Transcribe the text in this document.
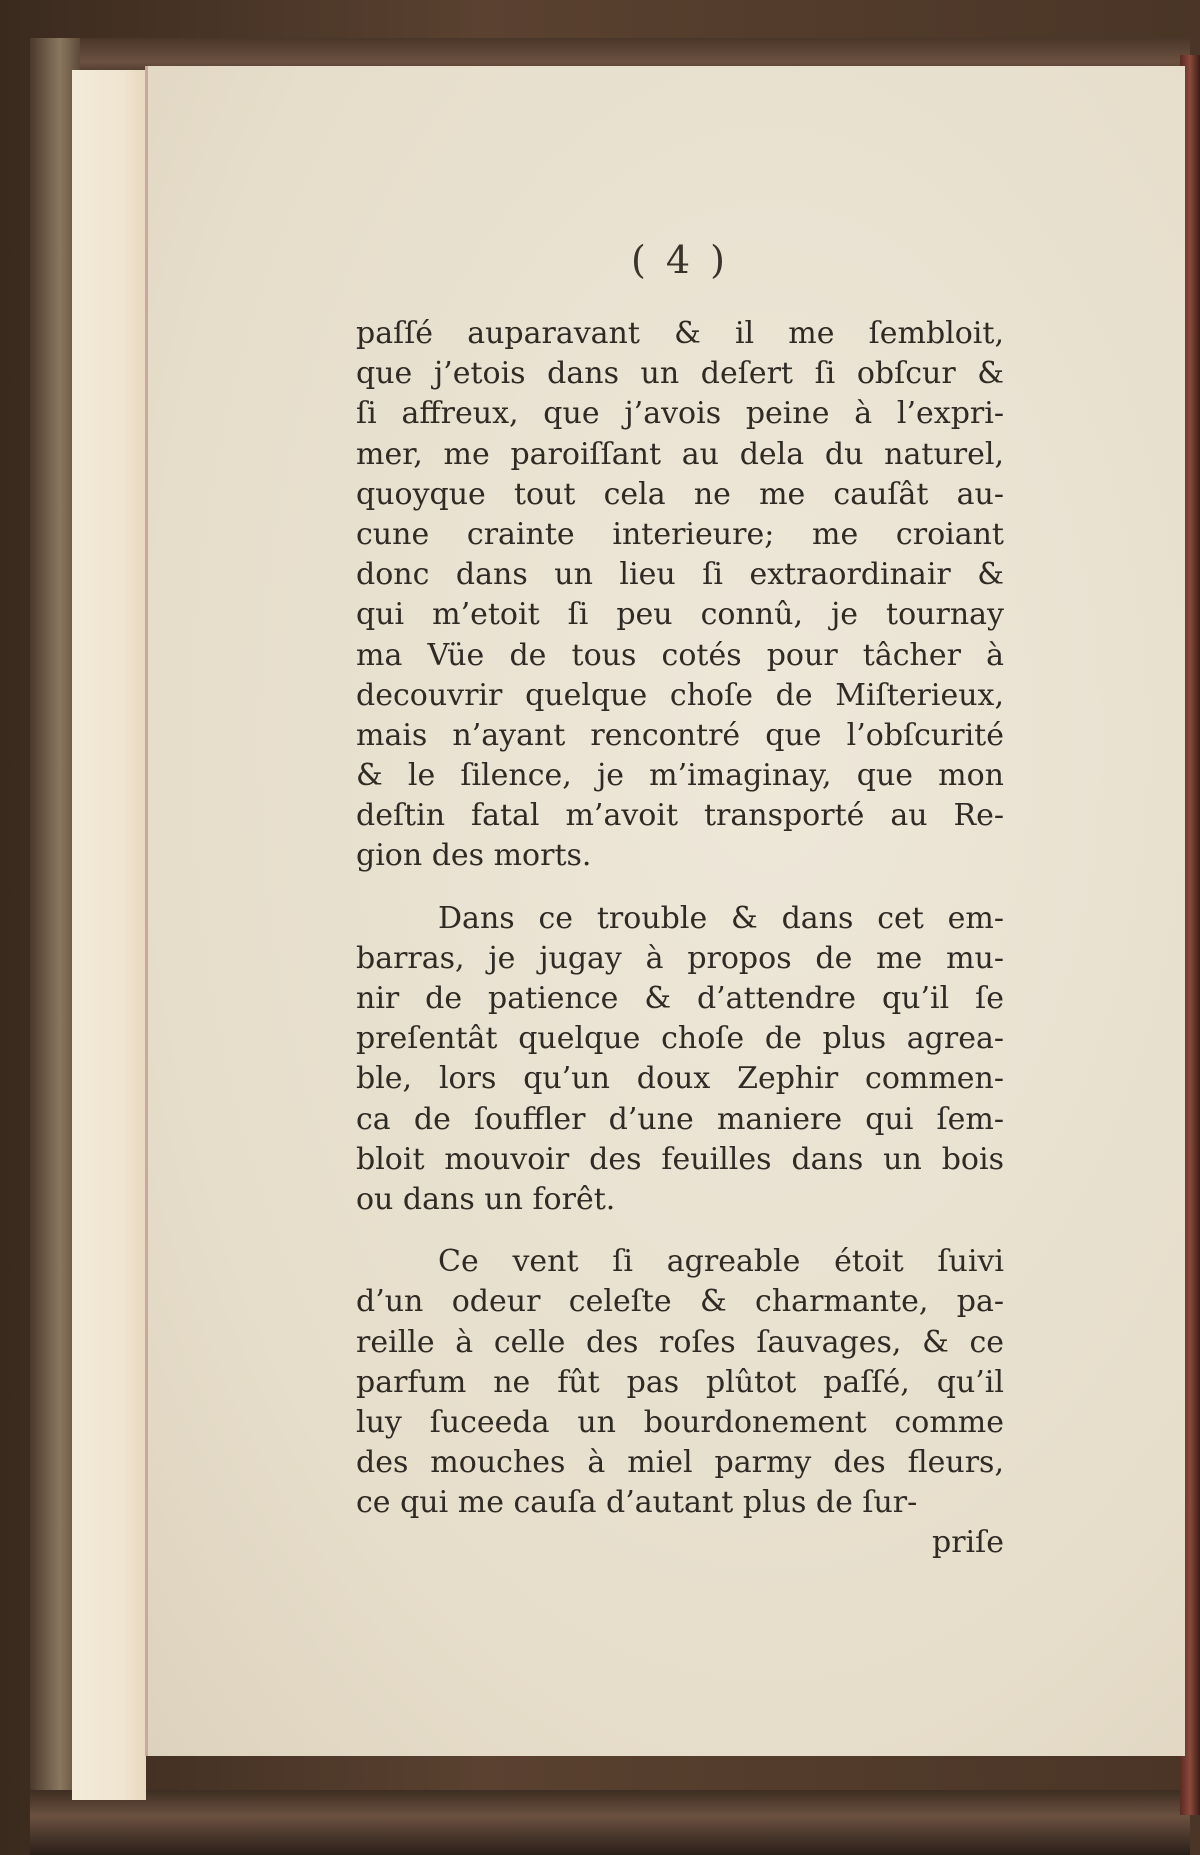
( 4 )
paſſé auparavant & il me ſembloit,
que j’etois dans un deſert ſi obſcur &
ſi affreux, que j’avois peine à l’expri-
mer, me paroiſſant au dela du naturel,
quoyque tout cela ne me cauſât au-
cune crainte interieure; me croiant
donc dans un lieu ſi extraordinair &
qui m’etoit ſi peu connû, je tournay
ma Vüe de tous cotés pour tâcher à
decouvrir quelque choſe de Miſterieux,
mais n’ayant rencontré que l’obſcurité
& le ſilence, je m’imaginay, que mon
deſtin fatal m’avoit transporté au Re-
gion des morts.
Dans ce trouble & dans cet em-
barras, je jugay à propos de me mu-
nir de patience & d’attendre qu’il ſe
preſentât quelque choſe de plus agrea-
ble, lors qu’un doux Zephir commen-
ca de ſouffler d’une maniere qui ſem-
bloit mouvoir des feuilles dans un bois
ou dans un forêt.
Ce vent ſi agreable étoit ſuivi
d’un odeur celeſte & charmante, pa-
reille à celle des roſes ſauvages, & ce
parfum ne fût pas plûtot paſſé, qu’il
luy ſuceeda un bourdonement comme
des mouches à miel parmy des fleurs,
ce qui me cauſa d’autant plus de ſur-
priſe
